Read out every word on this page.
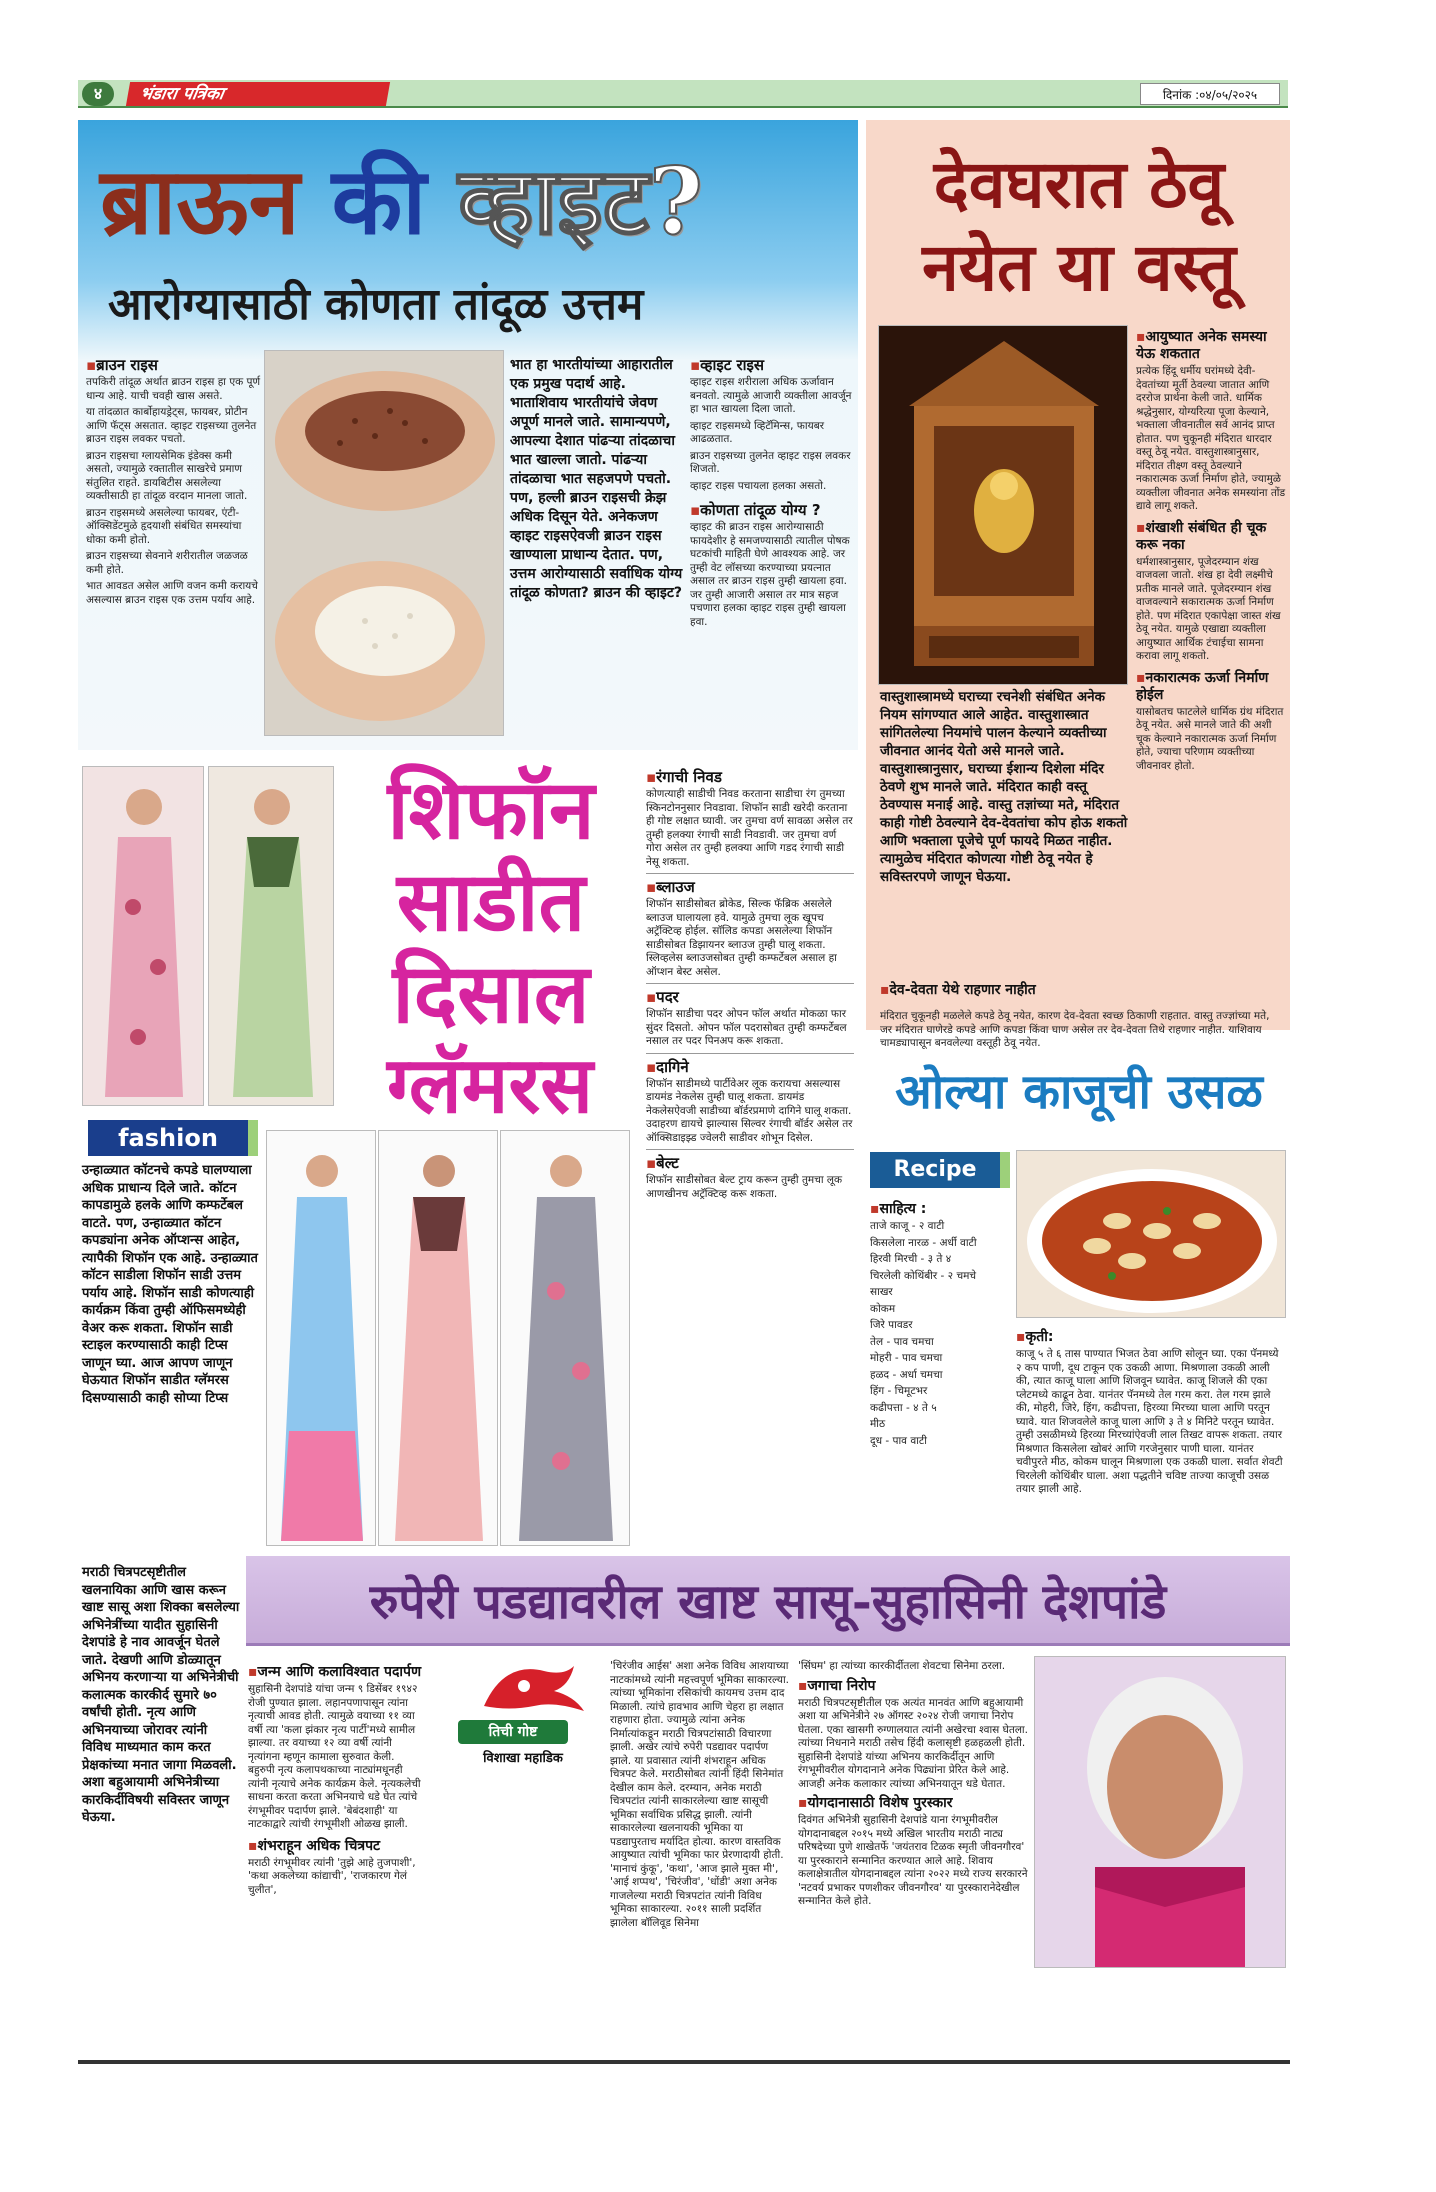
४	भंडारा पत्रिका	दिनांक :०४/०५/२०२५
ब्राऊन की व्हाइट?
आरोग्यासाठी कोणता तांदूळ उत्तम
▪ ब्राउन राइस

तपकिरी तांदूळ अर्थात ब्राउन राइस हा एक पूर्ण धान्य आहे. याची चवही खास असते.

या तांदळात कार्बोहायड्रेट्स, फायबर, प्रोटीन आणि फॅट्स असतात. व्हाइट राइसच्या तुलनेत ब्राउन राइस लवकर पचतो.

ब्राउन राइसचा ग्लायसेमिक इंडेक्स कमी असतो, ज्यामुळे रक्तातील साखरेचे प्रमाण संतुलित राहते. डायबिटीस असलेल्या व्यक्तीसाठी हा तांदूळ वरदान मानला जातो.

ब्राउन राइसमध्ये असलेल्या फायबर, एंटी-ऑक्सिडेंटमुळे हृदयाशी संबंधित समस्यांचा धोका कमी होतो.

ब्राउन राइसच्या सेवनाने शरीरातील जळजळ कमी होते.

भात आवडत असेल आणि वजन कमी करायचे असल्यास ब्राउन राइस एक उत्तम पर्याय आहे.

भात हा भारतीयांच्या आहारातील एक प्रमुख पदार्थ आहे. भाताशिवाय भारतीयांचे जेवण अपूर्ण मानले जाते. सामान्यपणे, आपल्या देशात पांढऱ्या तांदळाचा भात खाल्ला जातो. पांढऱ्या तांदळाचा भात सहजपणे पचतो. पण, हल्ली ब्राउन राइसची क्रेझ अधिक दिसून येते. अनेकजण व्हाइट राइसऐवजी ब्राउन राइस खाण्याला प्राधान्य देतात. पण, उत्तम आरोग्यासाठी सर्वाधिक योग्य तांदूळ कोणता? ब्राउन की व्हाइट?
▪ व्हाइट राइस

व्हाइट राइस शरीराला अधिक ऊर्जावान बनवतो. त्यामुळे आजारी व्यक्तीला आवर्जून हा भात खायला दिला जातो.

व्हाइट राइसमध्ये व्हिटॅमिन्स, फायबर आढळतात.

ब्राउन राइसच्या तुलनेत व्हाइट राइस लवकर शिजतो.

व्हाइट राइस पचायला हलका असतो.

▪ कोणता तांदूळ योग्य ?
व्हाइट की ब्राउन राइस आरोग्यासाठी फायदेशीर हे समजण्यासाठी त्यातील पोषक घटकांची माहिती घेणे आवश्यक आहे. जर तुम्ही वेट लॉसच्या करण्याच्या प्रयत्नात असाल तर ब्राउन राइस तुम्ही खायला हवा. जर तुम्ही आजारी असाल तर मात्र सहज पचणारा हलका व्हाइट राइस तुम्ही खायला हवा.
देवघरात ठेवू
नयेत या वस्तू
▪ आयुष्यात अनेक समस्या येऊ शकतात
प्रत्येक हिंदू धर्मीय घरांमध्ये देवी-देवतांच्या मूर्ती ठेवल्या जातात आणि दररोज प्रार्थना केली जाते. धार्मिक श्रद्धेनुसार, योग्यरित्या पूजा केल्याने, भक्ताला जीवनातील सर्व आनंद प्राप्त होतात. पण चुकूनही मंदिरात धारदार वस्तू ठेवू नयेत. वास्तुशास्त्रानुसार, मंदिरात तीक्ष्ण वस्तू ठेवल्याने नकारात्मक ऊर्जा निर्माण होते, ज्यामुळे व्यक्तीला जीवनात अनेक समस्यांना तोंड द्यावे लागू शकते.
▪ शंखाशी संबंधित ही चूक करू नका
धर्मशास्त्रानुसार, पूजेदरम्यान शंख वाजवला जातो. शंख हा देवी लक्ष्मीचे प्रतीक मानले जाते. पूजेदरम्यान शंख वाजवल्याने सकारात्मक ऊर्जा निर्माण होते. पण मंदिरात एकापेक्षा जास्त शंख ठेवू नयेत. यामुळे एखाद्या व्यक्तीला आयुष्यात आर्थिक टंचाईचा सामना करावा लागू शकतो.
▪ नकारात्मक ऊर्जा निर्माण होईल
यासोबतच फाटलेले धार्मिक ग्रंथ मंदिरात ठेवू नयेत. असे मानले जाते की अशी चूक केल्याने नकारात्मक ऊर्जा निर्माण होते, ज्याचा परिणाम व्यक्तीच्या जीवनावर होतो.
वास्तुशास्त्रामध्ये घराच्या रचनेशी संबंधित अनेक नियम सांगण्यात आले आहेत. वास्तुशास्त्रात सांगितलेल्या नियमांचे पालन केल्याने व्यक्तीच्या जीवनात आनंद येतो असे मानले जाते. वास्तुशास्त्रानुसार, घराच्या ईशान्य दिशेला मंदिर ठेवणे शुभ मानले जाते. मंदिरात काही वस्तू ठेवण्यास मनाई आहे. वास्तु तज्ञांच्या मते, मंदिरात काही गोष्टी ठेवल्याने देव-देवतांचा कोप होऊ शकतो आणि भक्ताला पूजेचे पूर्ण फायदे मिळत नाहीत. त्यामुळेच मंदिरात कोणत्या गोष्टी ठेवू नयेत हे सविस्तरपणे जाणून घेऊया.
▪ देव-देवता येथे राहणार नाहीत
मंदिरात चुकूनही मळलेले कपडे ठेवू नयेत, कारण देव-देवता स्वच्छ ठिकाणी राहतात. वास्तु तज्ज्ञांच्या मते, जर मंदिरात घाणेरडे कपडे आणि कपडा किंवा घाण असेल तर देव-देवता तिथे राहणार नाहीत. याशिवाय चामड्यापासून बनवलेल्या वस्तूही ठेवू नयेत.
शिफॉन
साडीत
दिसाल
ग्लॅमरस
fashion
उन्हाळ्यात कॉटनचे कपडे घालण्याला अधिक प्राधान्य दिले जाते. कॉटन कापडामुळे हलके आणि कम्फर्टेबल वाटते. पण, उन्हाळ्यात कॉटन कपड्यांना अनेक ऑप्शन्स आहेत, त्यापैकी शिफॉन एक आहे. उन्हाळ्यात कॉटन साडीला शिफॉन साडी उत्तम पर्याय आहे. शिफॉन साडी कोणत्याही कार्यक्रम किंवा तुम्ही ऑफिसमध्येही वेअर करू शकता. शिफॉन साडी स्टाइल करण्यासाठी काही टिप्स जाणून घ्या. आज आपण जाणून घेऊयात शिफॉन साडीत ग्लॅमरस दिसण्यासाठी काही सोप्या टिप्स
▪ रंगाची निवड
कोणत्याही साडीची निवड करताना साडीचा रंग तुमच्या स्किनटोननुसार निवडावा. शिफॉन साडी खरेदी करताना ही गोष्ट लक्षात घ्यावी. जर तुमचा वर्ण सावळा असेल तर तुम्ही हलक्या रंगाची साडी निवडावी. जर तुमचा वर्ण गोरा असेल तर तुम्ही हलक्या आणि गडद रंगाची साडी नेसू शकता.
▪ ब्लाउज
शिफॉन साडीसोबत ब्रोकेड, सिल्क फॅब्रिक असलेले ब्लाउज घालायला हवे. यामुळे तुमचा लूक खूपच अट्रॅक्टिव्ह होईल. सॉलिड कपडा असलेल्या शिफॉन साडीसोबत डिझायनर ब्लाउज तुम्ही घालू शकता. स्लिव्हलेस ब्लाउजसोबत तुम्ही कम्फर्टेबल असाल हा ऑप्शन बेस्ट असेल.
▪ पदर
शिफॉन साडीचा पदर ओपन फॉल अर्थात मोकळा फार सुंदर दिसतो. ओपन फॉल पदरासोबत तुम्ही कम्फर्टेबल नसाल तर पदर पिनअप करू शकता.
▪ दागिने
शिफॉन साडीमध्ये पार्टीवेअर लूक करायचा असल्यास डायमंड नेकलेस तुम्ही घालू शकता. डायमंड नेकलेसऐवजी साडीच्या बॉर्डरप्रमाणे दागिने घालू शकता. उदाहरण द्यायचे झाल्यास सिल्वर रंगाची बॉर्डर असेल तर ऑक्सिडाइझ्ड ज्वेलरी साडीवर शोभून दिसेल.
▪ बेल्ट
शिफॉन साडीसोबत बेल्ट ट्राय करून तुम्ही तुमचा लूक आणखीनच अट्रॅक्टिव्ह करू शकता.
ओल्या काजूची उसळ
Recipe
▪ साहित्य :

ताजे काजू - २ वाटी

किसलेला नारळ - अर्धी वाटी

हिरवी मिरची - ३ ते ४

चिरलेली कोथिंबीर - २ चमचे

साखर

कोकम

जिरे पावडर

तेल - पाव चमचा

मोहरी - पाव चमचा

हळद - अर्धा चमचा

हिंग - चिमूटभर

कढीपत्ता - ४ ते ५

मीठ

दूध - पाव वाटी

▪ कृती:
काजू ५ ते ६ तास पाण्यात भिजत ठेवा आणि सोलून घ्या. एका पॅनमध्ये २ कप पाणी, दूध टाकून एक उकळी आणा. मिश्रणाला उकळी आली की, त्यात काजू घाला आणि शिजवून घ्यावेत. काजू शिजले की एका प्लेटमध्ये काढून ठेवा. यानंतर पॅनमध्ये तेल गरम करा. तेल गरम झाले की, मोहरी, जिरे, हिंग, कढीपत्ता, हिरव्या मिरच्या घाला आणि परतून घ्यावे. यात शिजवलेले काजू घाला आणि ३ ते ४ मिनिटे परतून घ्यावेत. तुम्ही उसळीमध्ये हिरव्या मिरच्यांऐवजी लाल तिखट वापरू शकता. तयार मिश्रणात किसलेला खोबरं आणि गरजेनुसार पाणी घाला. यानंतर चवीपुरते मीठ, कोकम घालून मिश्रणाला एक उकळी घाला. सर्वात शेवटी चिरलेली कोथिंबीर घाला. अशा पद्धतीने चविष्ट ताज्या काजूची उसळ तयार झाली आहे.
रुपेरी पडद्यावरील खाष्ट सासू-सुहासिनी देशपांडे
मराठी चित्रपटसृष्टीतील खलनायिका आणि खास करून खाष्ट सासू अशा शिक्का बसलेल्या अभिनेत्रींच्या यादीत सुहासिनी देशपांडे हे नाव आवर्जून घेतले जाते. देखणी आणि डोळ्यातून अभिनय करणाऱ्या या अभिनेत्रीची कलात्मक कारकीर्द सुमारे ७० वर्षांची होती. नृत्य आणि अभिनयाच्या जोरावर त्यांनी विविध माध्यमात काम करत प्रेक्षकांच्या मनात जागा मिळवली. अशा बहुआयामी अभिनेत्रीच्या कारकिर्दीविषयी सविस्तर जाणून घेऊया.
▪ जन्म आणि कलाविश्वात पदार्पण
सुहासिनी देशपांडे यांचा जन्म ९ डिसेंबर १९४२ रोजी पुण्यात झाला. लहानपणापासून त्यांना नृत्याची आवड होती. त्यामुळे वयाच्या ११ व्या वर्षी त्या 'कला झंकार नृत्य पार्टी'मध्ये सामील झाल्या. तर वयाच्या १२ व्या वर्षी त्यांनी नृत्यांगना म्हणून कामाला सुरुवात केली. बहुरुपी नृत्य कलापथकाच्या नाट्यांमधूनही त्यांनी नृत्याचे अनेक कार्यक्रम केले. नृत्यकलेची साधना करता करता अभिनयाचे धडे घेत त्यांचे रंगभूमीवर पदार्पण झाले. 'बेबंदशाही' या नाटकाद्वारे त्यांची रंगभूमीशी ओळख झाली.
▪ शंभराहून अधिक चित्रपट
मराठी रंगभूमीवर त्यांनी 'तुझे आहे तुजपाशी', 'कथा अकलेच्या कांद्याची', 'राजकारण गेलं चुलीत',
तिची गोष्ट
विशाखा महाडिक
'चिरंजीव आईस' अशा अनेक विविध आशयाच्या नाटकांमध्ये त्यांनी महत्त्वपूर्ण भूमिका साकारल्या. त्यांच्या भूमिकांना रसिकांची कायमच उत्तम दाद मिळाली. त्यांचे हावभाव आणि चेहरा हा लक्षात राहणारा होता. ज्यामुळे त्यांना अनेक निर्मात्यांकडून मराठी चित्रपटांसाठी विचारणा झाली. अखेर त्यांचे रुपेरी पडद्यावर पदार्पण झाले. या प्रवासात त्यांनी शंभराहून अधिक चित्रपट केले. मराठीसोबत त्यांनी हिंदी सिनेमांत देखील काम केले. दरम्यान, अनेक मराठी चित्रपटांत त्यांनी साकारलेल्या खाष्ट सासूची भूमिका सर्वाधिक प्रसिद्ध झाली. त्यांनी साकारलेल्या खलनायकी भूमिका या पडद्यापुरताच मर्यादित होत्या. कारण वास्तविक आयुष्यात त्यांची भूमिका फार प्रेरणादायी होती. 'मानाचं कुंकू', 'कथा', 'आज झाले मुक्त मी', 'आई शप्पथ', 'चिरंजीव', 'धोंडी' अशा अनेक गाजलेल्या मराठी चित्रपटांत त्यांनी विविध भूमिका साकारल्या. २०११ साली प्रदर्शित झालेला बॉलिवूड सिनेमा
'सिंघम' हा त्यांच्या कारकीर्दीतला शेवटचा सिनेमा ठरला.
▪ जगाचा निरोप
मराठी चित्रपटसृष्टीतील एक अत्यंत मानवंत आणि बहुआयामी अशा या अभिनेत्रीने २७ ऑगस्ट २०२४ रोजी जगाचा निरोप घेतला. एका खासगी रुग्णालयात त्यांनी अखेरचा श्वास घेतला. त्यांच्या निधनाने मराठी तसेच हिंदी कलासृष्टी हळहळली होती. सुहासिनी देशपांडे यांच्या अभिनय कारकिर्दीतून आणि रंगभूमीवरील योगदानाने अनेक पिढ्यांना प्रेरित केले आहे. आजही अनेक कलाकार त्यांच्या अभिनयातून धडे घेतात.
▪ योगदानासाठी विशेष पुरस्कार
दिवंगत अभिनेत्री सुहासिनी देशपांडे याना रंगभूमीवरील योगदानाबद्दल २०१५ मध्ये अखिल भारतीय मराठी नाट्य परिषदेच्या पुणे शाखेतर्फे 'जयंतराव टिळक स्मृती जीवनगौरव' या पुरस्काराने सन्मानित करण्यात आले आहे. शिवाय कलाक्षेत्रातील योगदानाबद्दल त्यांना २०२२ मध्ये राज्य सरकारने 'नटवर्य प्रभाकर पणशीकर जीवनगौरव' या पुरस्कारानेदेखील सन्मानित केले होते.
